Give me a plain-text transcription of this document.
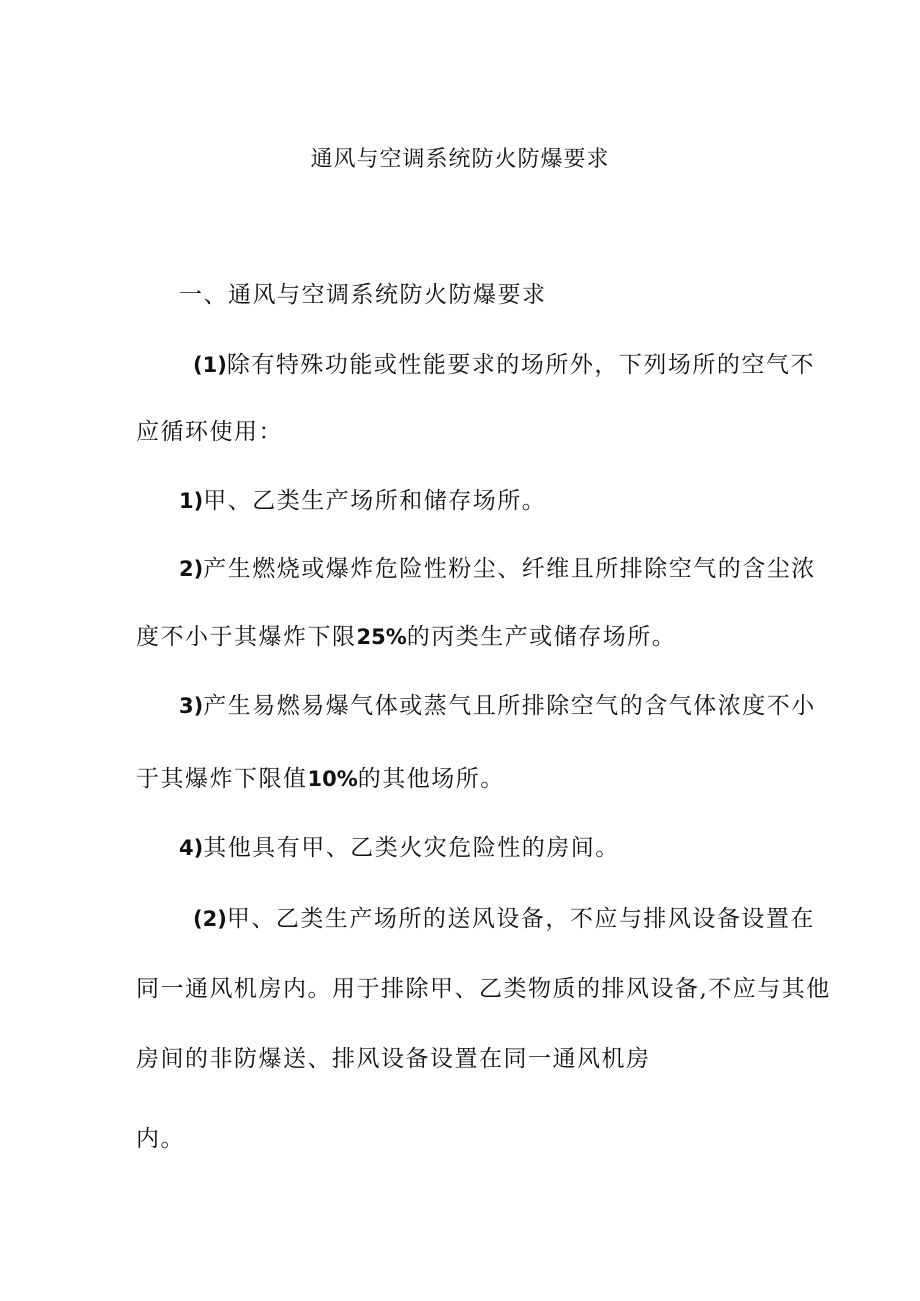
通风与空调系统防火防爆要求
一、通风与空调系统防火防爆要求
(1)除有特殊功能或性能要求的场所外，下列场所的空气不
应循环使用：
1)甲、乙类生产场所和储存场所。
2)产生燃烧或爆炸危险性粉尘、纤维且所排除空气的含尘浓
度不小于其爆炸下限25%的丙类生产或储存场所。
3)产生易燃易爆气体或蒸气且所排除空气的含气体浓度不小
于其爆炸下限值10%的其他场所。
4)其他具有甲、乙类火灾危险性的房间。
(2)甲、乙类生产场所的送风设备，不应与排风设备设置在
同一通风机房内。用于排除甲、乙类物质的排风设备,不应与其他
房间的非防爆送、排风设备设置在同一通风机房
内。
